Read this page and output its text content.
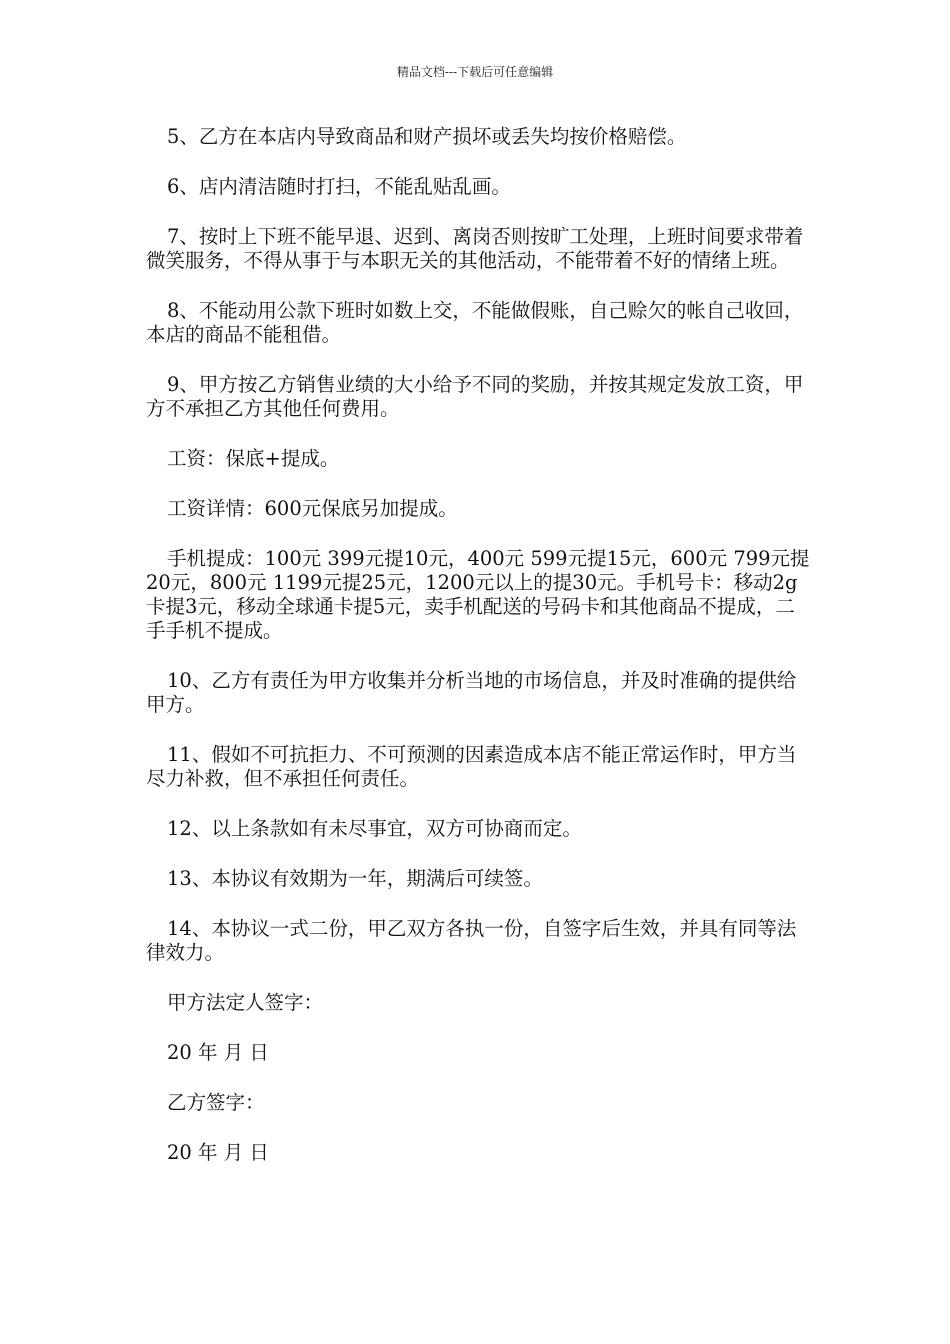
精品文档---下载后可任意编辑

5、乙方在本店内导致商品和财产损坏或丢失均按价格赔偿。

6、店内清洁随时打扫，不能乱贴乱画。

7、按时上下班不能早退、迟到、离岗否则按旷工处理，上班时间要求带着微笑服务，不得从事于与本职无关的其他活动，不能带着不好的情绪上班。

8、不能动用公款下班时如数上交，不能做假账，自己赊欠的帐自己收回，本店的商品不能租借。

9、甲方按乙方销售业绩的大小给予不同的奖励，并按其规定发放工资，甲方不承担乙方其他任何费用。

工资：保底+提成。

工资详情：600元保底另加提成。

手机提成：100元 399元提10元，400元 599元提15元，600元 799元提20元，800元 1199元提25元，1200元以上的提30元。手机号卡：移动2g卡提3元，移动全球通卡提5元，卖手机配送的号码卡和其他商品不提成，二手手机不提成。

10、乙方有责任为甲方收集并分析当地的市场信息，并及时准确的提供给甲方。

11、假如不可抗拒力、不可预测的因素造成本店不能正常运作时，甲方当尽力补救，但不承担任何责任。

12、以上条款如有未尽事宜，双方可协商而定。

13、本协议有效期为一年，期满后可续签。

14、本协议一式二份，甲乙双方各执一份，自签字后生效，并具有同等法律效力。

甲方法定人签字：

20 年 月 日

乙方签字：

20 年 月 日
